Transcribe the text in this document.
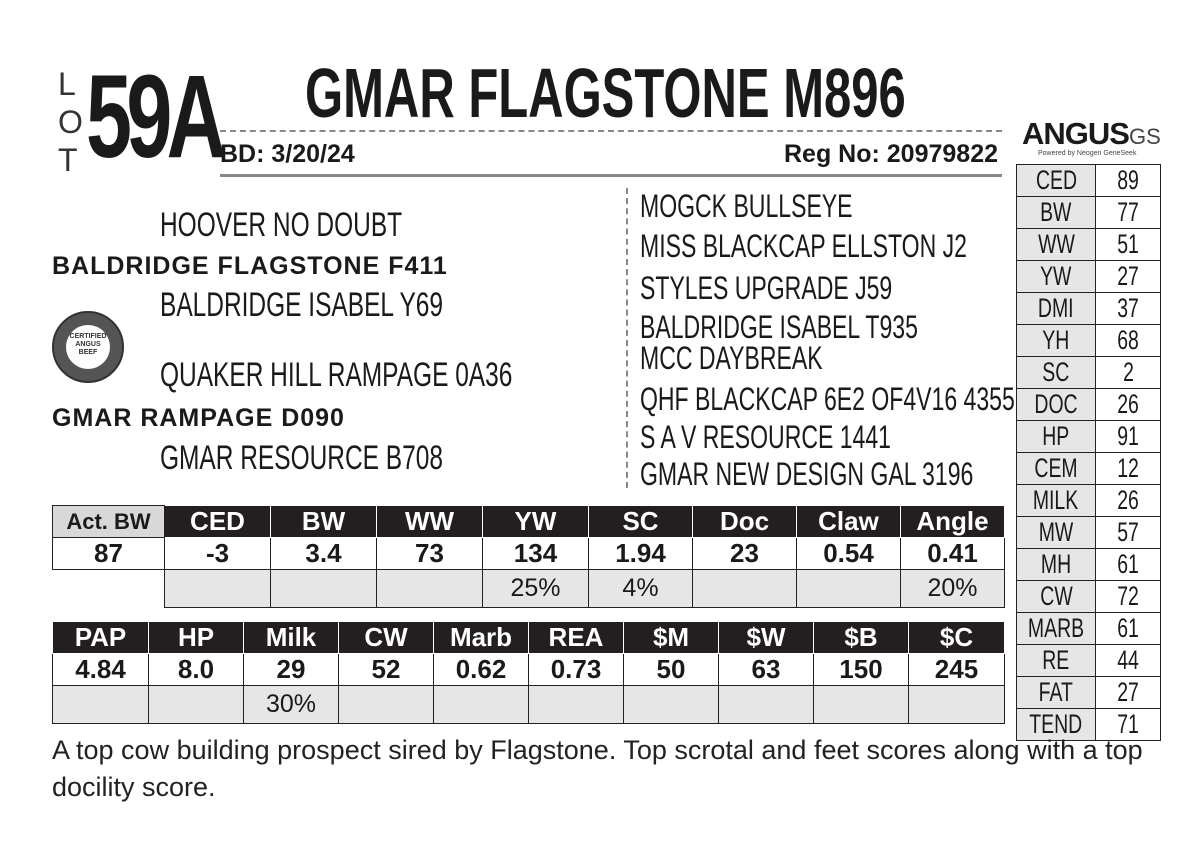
L
O
T 59A GMAR FLAGSTONE M896
BD: 3/20/24	Reg No: 20979822
HOOVER NO DOUBT
BALDRIDGE FLAGSTONE F411
BALDRIDGE ISABEL Y69
QUAKER HILL RAMPAGE 0A36
GMAR RAMPAGE D090
GMAR RESOURCE B708
CERTIFIED ANGUS BEEF
MOGCK BULLSEYE
MISS BLACKCAP ELLSTON J2
STYLES UPGRADE J59
BALDRIDGE ISABEL T935
MCC DAYBREAK
QHF BLACKCAP 6E2 OF4V16 4355
S A V RESOURCE 1441
GMAR NEW DESIGN GAL 3196
Act. BW	CED	BW	WW	YW	SC	Doc	Claw	Angle
87	-3	3.4	73	134	1.94	23	0.54	0.41
				25%	4%			20%
PAP	HP	Milk	CW	Marb	REA	$M	$W	$B	$C
4.84	8.0	29	52	0.62	0.73	50	63	150	245
		30%							
ANGUSGS
Powered by Neogen GeneSeek
CED	89
BW	77
WW	51
YW	27
DMI	37
YH	68
SC	2
DOC	26
HP	91
CEM	12
MILK	26
MW	57
MH	61
CW	72
MARB	61
RE	44
FAT	27
TEND	71
A top cow building prospect sired by Flagstone. Top scrotal and feet scores along with a top docility score.
